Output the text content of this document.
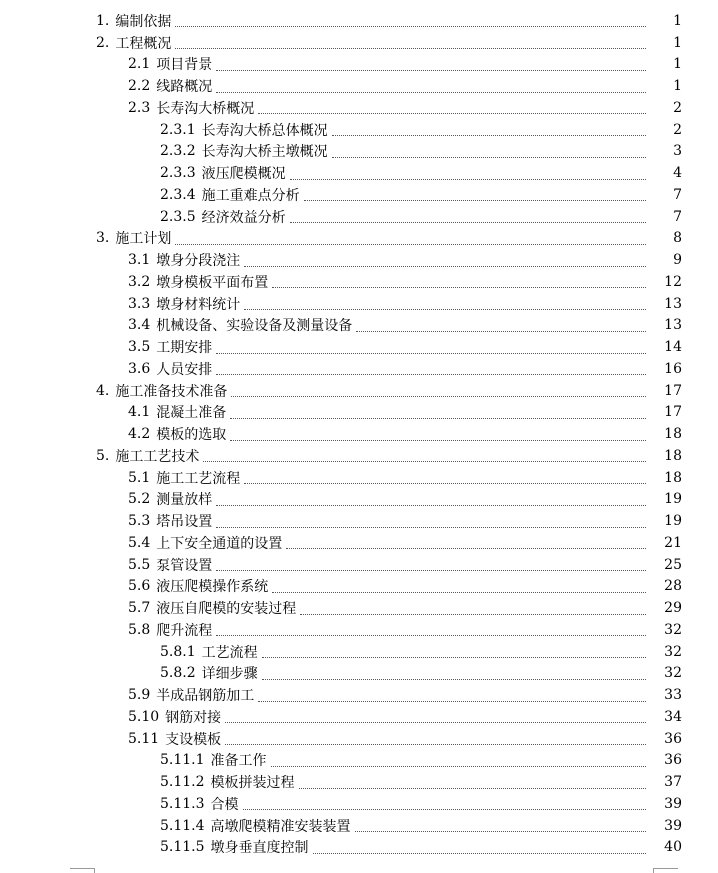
1. 编制依据	1
2. 工程概况	1
2.1 项目背景	1
2.2 线路概况	1
2.3 长寿沟大桥概况	2
2.3.1 长寿沟大桥总体概况	2
2.3.2 长寿沟大桥主墩概况	3
2.3.3 液压爬模概况	4
2.3.4 施工重难点分析	7
2.3.5 经济效益分析	7
3. 施工计划	8
3.1 墩身分段浇注	9
3.2 墩身模板平面布置	12
3.3 墩身材料统计	13
3.4 机械设备、实验设备及测量设备	13
3.5 工期安排	14
3.6 人员安排	16
4. 施工准备技术准备	17
4.1 混凝土准备	17
4.2 模板的选取	18
5. 施工工艺技术	18
5.1 施工工艺流程	18
5.2 测量放样	19
5.3 塔吊设置	19
5.4 上下安全通道的设置	21
5.5 泵管设置	25
5.6 液压爬模操作系统	28
5.7 液压自爬模的安装过程	29
5.8 爬升流程	32
5.8.1 工艺流程	32
5.8.2 详细步骤	32
5.9 半成品钢筋加工	33
5.10 钢筋对接	34
5.11 支设模板	36
5.11.1 准备工作	36
5.11.2 模板拼装过程	37
5.11.3 合模	39
5.11.4 高墩爬模精准安装装置	39
5.11.5 墩身垂直度控制	40
